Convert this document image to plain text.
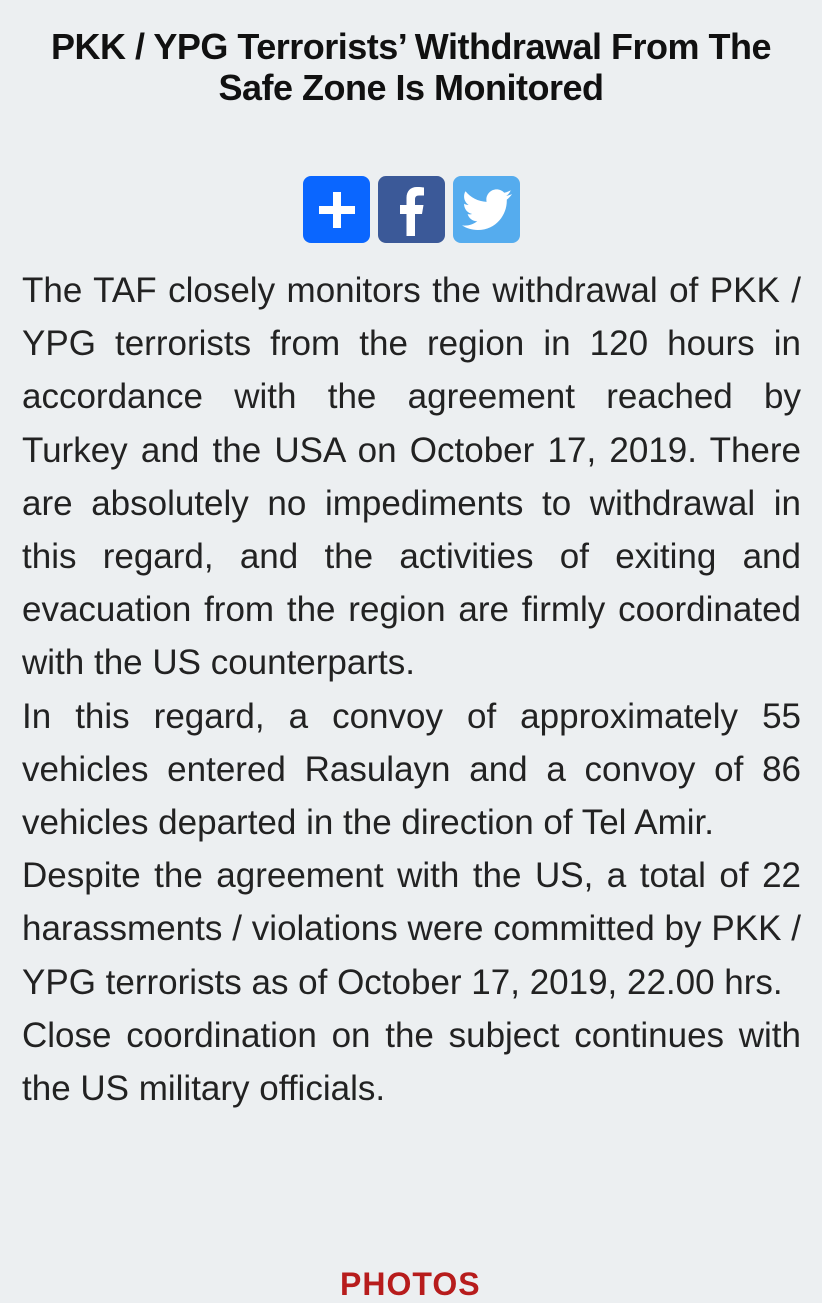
PKK / YPG Terrorists’ Withdrawal From The Safe Zone Is Monitored

The TAF closely monitors the withdrawal of PKK / YPG terrorists from the region in 120 hours in accordance with the agreement reached by Turkey and the USA on October 17, 2019. There are absolutely no impediments to withdrawal in this regard, and the activities of exiting and evacuation from the region are firmly coordinated with the US counterparts.

In this regard, a convoy of approximately 55 vehicles entered Rasulayn and a convoy of 86 vehicles departed in the direction of Tel Amir.

Despite the agreement with the US, a total of 22 harassments / violations were committed by PKK / YPG terrorists as of October 17, 2019, 22.00 hrs.

Close coordination on the subject continues with the US military officials.

PHOTOS
